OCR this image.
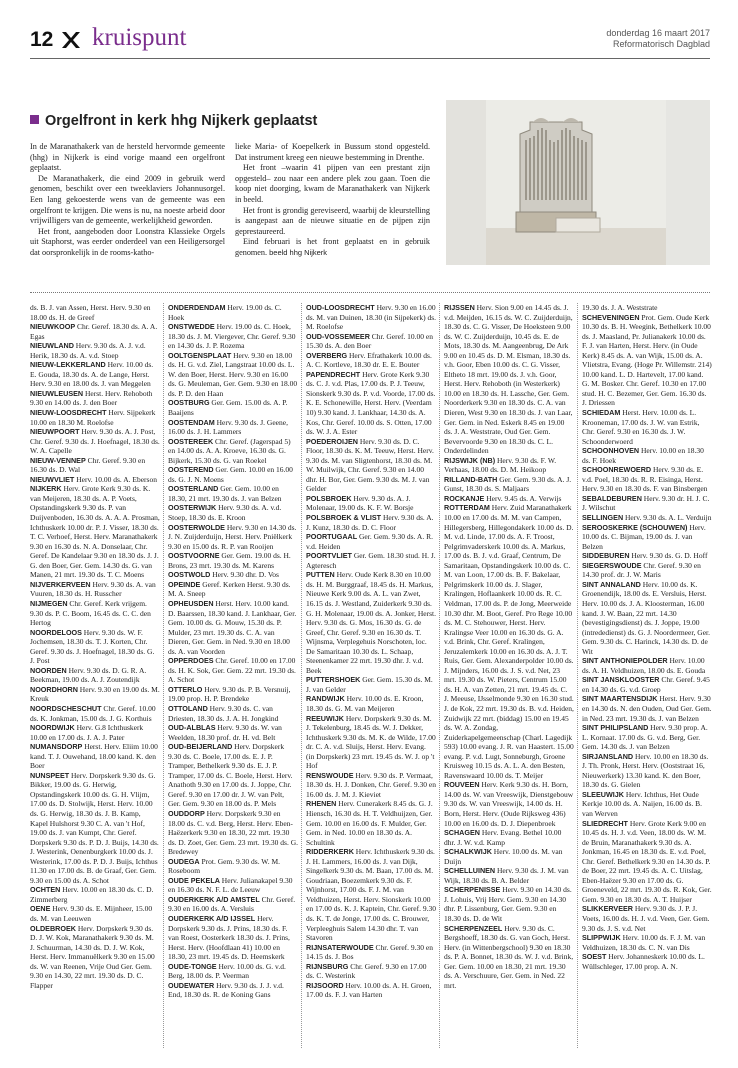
12 kruispunt	donderdag 16 maart 2017
Reformatorisch Dagblad
Orgelfront in kerk hhg Nijkerk geplaatst

In de Maranathakerk van de hersteld hervormde gemeente (hhg) in Nijkerk is eind vorige maand een orgelfront geplaatst.

De Maranathakerk, die eind 2009 in gebruik werd genomen, beschikt over een tweeklaviers Johannusorgel. Een lang gekoesterde wens van de gemeente was een orgelfront te krijgen. Die wens is nu, na noeste arbeid door vrijwilligers van de gemeente, werkelijkheid geworden.

Het front, aangeboden door Loonstra Klassieke Orgels uit Staphorst, was eerder onderdeel van een Heiligersorgel dat oorspronkelijk in de rooms-katho-

lieke Maria- of Koepelkerk in Bussum stond opgesteld. Dat instrument kreeg een nieuwe bestemming in Drenthe.

Het front –waarin 41 pijpen van een prestant zijn opgesteld– zou naar een andere plek zou gaan. Toen die koop niet doorging, kwam de Maranathakerk van Nijkerk in beeld.

Het front is grondig gereviseerd, waarbij de kleurstelling is aangepast aan de nieuwe situatie en de pijpen zijn geprestaureerd.

Eind februari is het front geplaatst en in gebruik genomen. beeld hhg Nijkerk

ds. B. J. van Assen, Herst. Herv. 9.30 en 18.00 ds. H. de Greef

NIEUWKOOP Chr. Geref. 18.30 ds. A. A. Egas

NIEUWLAND Herv. 9.30 ds. A. J. v.d. Herik, 18.30 ds. A. v.d. Stoep

NIEUW-LEKKERLAND Herv. 10.00 ds. E. Gouda, 18.30 ds. A. de Lange, Herst. Herv. 9.30 en 18.00 ds. J. van Meggelen

NIEUWLEUSEN Herst. Herv. Rehoboth 9.30 en 14.00 ds. J. den Boer

NIEUW-LOOSDRECHT Herv. Sijpekerk 10.00 en 18.30 M. Roelofse

NIEUWPOORT Herv. 9.30 ds. A. J. Post, Chr. Geref. 9.30 ds. J. Hoefnagel, 18.30 ds. W. A. Capelle

NIEUW-VENNEP Chr. Geref. 9.30 en 16.30 ds. D. Wal

NIEUWVLIET Herv. 10.00 ds. A. Eberson

NIJKERK Herv. Grote Kerk 9.30 ds. K. van Meijeren, 18.30 ds. A. P. Voets, Opstandingskerk 9.30 ds. P. van Duijvenboden, 16.30 ds. A. A. A. Prosman, Ichthuskerk 10.00 dr. P. J. Visser, 18.30 ds. T. C. Verhoef, Herst. Herv. Maranathakerk 9.30 en 16.30 ds. N. A. Donselaar, Chr. Geref. De Kandelaar 9.30 en 18.30 ds. J. J. G. den Boer, Ger. Gem. 14.30 ds. G. van Manen, 21 mrt. 19.30 ds. T. C. Moens

NIJVERKERVEEN Herv. 9.30 ds. A. van Vuuren, 18.30 ds. H. Russcher

NIJMEGEN Chr. Geref. Kerk vrijgem. 9.30 ds. P. C. Boom, 16.45 ds. C. C. den Hertog

NOORDELOOS Herv. 9.30 ds. W. F. Jochemsen, 18.30 ds. T. J. Korten, Chr. Geref. 9.30 ds. J. Hoefnagel, 18.30 ds. G. J. Post

NOORDEN Herv. 9.30 ds. D. G. R. A. Beekman, 19.00 ds. A. J. Zoutendijk

NOORDHORN Herv. 9.30 en 19.00 ds. M. Kreuk

NOORDSCHESCHUT Chr. Geref. 10.00 ds. K. Jonkman, 15.00 ds. J. G. Korthuis

NOORDWIJK Herv. G.8 Ichthuskerk 10.00 en 17.00 ds. J. A. J. Pater

NUMANSDORP Herst. Herv. Eliim 10.00 kand. T. J. Ouwehand, 18.00 kand. K. den Boer

NUNSPEET Herv. Dorpskerk 9.30 ds. G. Bikker, 19.00 ds. G. Herwig, Opstandingskerk 10.00 ds. G. H. Vlijm, 17.00 ds. D. Stolwijk, Herst. Herv. 10.00 ds. G. Herwig, 18.30 ds. J. B. Kamp, Kapel Hulshorst 9.30 C. A. van 't Hof, 19.00 ds. J. van Kumpt, Chr. Geref. Dorpskerk 9.30 ds. P. D. J. Buijs, 14.30 ds. J. Westerink, Oenenburgkerk 10.00 ds. J. Westerink, 17.00 ds. P. D. J. Buijs, Ichthus 11.30 en 17.00 ds. B. de Graaf, Ger. Gem. 9.30 en 15.00 ds. A. Schot

OCHTEN Herv. 10.00 en 18.30 ds. C. D. Zimmerberg

OENE Herv. 9.30 ds. E. Mijnheer, 15.00 ds. M. van Leeuwen

OLDEBROEK Herv. Dorpskerk 9.30 ds. D. J. W. Kok, Maranathakerk 9.30 ds. M. J. Schuurman, 14.30 ds. D. J. W. Kok, Herst. Herv. Immanuëlkerk 9.30 en 15.00 ds. W. van Reenen, Vrije Oud Ger. Gem. 9.30 en 14.30, 22 mrt. 19.30 ds. D. C. Flapper

ONDERDENDAM Herv. 19.00 ds. C. Hoek

ONSTWEDDE Herv. 19.00 ds. C. Hoek, 18.30 ds. J. M. Viergever, Chr. Geref. 9.30 en 14.30 ds. J. P. Rozema

OOLTGENSPLAAT Herv. 9.30 en 18.00 ds. H. G. v.d. Ziel, Langstraat 10.00 ds. L. W. den Boer, Herst. Herv. 9.30 en 16.00 ds. G. Meuleman, Ger. Gem. 9.30 en 18.00 ds. P. D. den Haan

OOSTBURG Ger. Gem. 15.00 ds. A. P. Baaijens

OOSTENDAM Herv. 9.30 ds. J. Geene, 16.00 ds. J. H. Lammers

OOSTEREEK Chr. Geref. (Jagerspad 5) en 14.00 ds. A. A. Kroeve, 16.30 ds. G. Bijkerk, 15.30 ds. G. van Roekel

OOSTEREND Ger. Gem. 10.00 en 16.00 ds. G. J. N. Moens

OOSTERLAND Ger. Gem. 10.00 en 18.30, 21 mrt. 19.30 ds. J. van Belzen

OOSTERWIJK Herv. 9.30 ds. A. v.d. Stoep, 18.30 ds. E. Kroon

OOSTERWOLDE Herv. 9.30 en 14.30 ds. J. N. Zuijderduijn, Herst. Herv. Pniëlkerk 9.30 en 15.00 ds. R. P. van Rooijen

OOSTVOORNE Ger. Gem. 19.00 ds. H. Brons, 23 mrt. 19.30 ds. M. Karens

OOSTWOLD Herv. 9.30 dhr. D. Vos

OPEINDE Geref. Kerken Herst. 9.30 ds. M. A. Sneep

OPHEUSDEN Herst. Herv. 10.00 kand. D. Baarssen, 18.30 kand. J. Lankhaar, Ger. Gem. 10.00 ds. G. Mouw, 15.30 ds. P. Mulder, 23 mrt. 19.30 ds. C. A. van Dieren, Ger. Gem. in Ned. 9.30 en 18.00 ds. A. van Voorden

OPPERDOES Chr. Geref. 10.00 en 17.00 ds. H. K. Sok, Ger. Gem. 22 mrt. 19.30 ds. A. Schot

OTTERLO Herv. 9.30 ds. P. B. Versnuij, 19.00 prop. H. P. Brendeke

OTTOLAND Herv. 9.30 ds. C. van Driesten, 18.30 ds. J. A. H. Jongkind

OUD-ALBLAS Herv. 9.30 ds. W. van Weelden, 18.30 prof. dr. H. vd. Belt

OUD-BEIJERLAND Herv. Dorpskerk 9.30 ds. C. Boele, 17.00 ds. E. J. P. Tramper, Bethelkerk 9.30 ds. E. J. P. Tramper, 17.00 ds. C. Boele, Herst. Herv. Anathoth 9.30 en 17.00 ds. J. Joppe, Chr. Geref. 9.30 en 17.00 dr. J. W. van Pelt, Ger. Gem. 9.30 en 18.00 ds. P. Mels

OUDDORP Herv. Dorpskerk 9.30 en 18.00 ds. C. v.d. Berg, Herst. Herv. Eben-Haëzerkerk 9.30 en 18.30, 22 mrt. 19.30 ds. D. Zoet, Ger. Gem. 23 mrt. 19.30 ds. G. Bredewey

OUDEGA Prot. Gem. 9.30 ds. W. M. Roseboom

OUDE PEKELA Herv. Julianakapel 9.30 en 16.30 ds. N. F. L. de Leeuw

OUDERKERK A/D AMSTEL Chr. Geref. 9.30 en 16.00 ds. A. Versluis

OUDERKERK A/D IJSSEL Herv. Dorpskerk 9.30 ds. J. Prins, 18.30 ds. F. van Roest, Oosterkerk 18.30 ds. J. Prins, Herst. Herv. (Hoofdlaan 41) 10.00 en 18.30, 23 mrt. 19.45 ds. D. Heemskerk

OUDE-TONGE Herv. 10.00 ds. G. v.d. Berg, 18.00 ds. P. Veerman

OUDEWATER Herv. 9.30 ds. J. J. v.d. End, 18.30 ds. R. de Koning Gans

OUD-LOOSDRECHT Herv. 9.30 en 16.00 ds. M. van Duinen, 18.30 (in Sijpekerk) ds. M. Roelofse

OUD-VOSSEMEER Chr. Geref. 10.00 en 15.30 ds. A. den Boer

OVERBERG Herv. Efrathakerk 10.00 ds. A. C. Kortleve, 18.30 dr. E. E. Bouter

PAPENDRECHT Herv. Grote Kerk 9.30 ds. C. J. v.d. Plas, 17.00 ds. P. J. Teeuw, Sionskerk 9.30 ds. P. v.d. Voorde, 17.00 ds. K. E. Schonewille, Herst. Herv. (Veerdam 10) 9.30 kand. J. Lankhaar, 14.30 ds. A. Kos, Chr. Geref. 10.00 ds. S. Otten, 17.00 ds. W. J. A. Ester

POEDEROIJEN Herv. 9.30 ds. D. C. Floor, 18.30 ds. K. M. Teeuw, Herst. Herv. 9.30 ds. M. van Sligtenhorst, 18.30 ds. M. W. Muilwijk, Chr. Geref. 9.30 en 14.00 dhr. H. Bor, Ger. Gem. 9.30 ds. M. J. van Gelder

POLSBROEK Herv. 9.30 ds. A. J. Molenaar, 19.00 ds. K. F. W. Borsje

POLSBROEK & VLIST Herv. 9.30 ds. A. J. Kunz, 18.30 ds. D. C. Floor

POORTUGAAL Ger. Gem. 9.30 ds. A. R. v.d. Heiden

POORTVLIET Ger. Gem. 18.30 stud. H. J. Agteresch

PUTTEN Herv. Oude Kerk 8.30 en 10.00 ds. H. M. Burggraaf, 18.45 ds. H. Markus, Nieuwe Kerk 9.00 ds. A. L. van Zwet, 16.15 ds. J. Westland, Zuiderkerk 9.30 ds. G. H. Molenaar, 19.00 ds. A. Jonker, Herst. Herv. 9.30 ds. G. Mos, 16.30 ds. G. de Greef, Chr. Geref. 9.30 en 16.30 ds. T. Wijnsma, Verplegehuis Norschoten, loc. De Samaritaan 10.30 ds. L. Schaap, Steenenkamer 22 mrt. 19.30 dhr. J. v.d. Beek

PUTTERSHOEK Ger. Gem. 15.30 ds. M. J. van Gelder

RANDWIJK Herv. 10.00 ds. E. Kroon, 18.30 ds. G. M. van Meijeren

REEUWIJK Herv. Dorpskerk 9.30 ds. M. J. Tekelenburg, 18.45 ds. W. J. Dekker, Ichthuskerk 9.30 ds. M. K. de Wilde, 17.00 dr. C. A. v.d. Sluijs, Herst. Herv. Evang. (in Dorpskerk) 23 mrt. 19.45 ds. W. J. op 't Hof

RENSWOUDE Herv. 9.30 ds. P. Vermaat, 18.30 ds. H. J. Donken, Chr. Geref. 9.30 en 16.00 ds. J. M. J. Kieviet

RHENEN Herv. Cunerakerk 8.45 ds. G. J. Hiensch, 16.30 ds. H. T. Veldhuijzen, Ger. Gem. 10.00 en 16.00 ds. F. Mulder, Ger. Gem. in Ned. 10.00 en 18.30 ds. A. Schultink

RIDDERKERK Herv. Ichthuskerk 9.30 ds. J. H. Lammers, 16.00 ds. J. van Dijk, Singelkerk 9.30 ds. M. Baan, 17.00 ds. M. Goudriaan, Boezemkerk 9.30 ds. F. Wijnhorst, 17.00 ds. F. J. M. van Veldhuizen, Herst. Herv. Sionskerk 10.00 en 17.00 ds. K. J. Kaptein, Chr. Geref. 9.30 ds. K. T. de Jonge, 17.00 ds. C. Brouwer, Verpleeghuis Salem 14.30 dhr. T. van Stavoren

RIJNSATERWOUDE Chr. Geref. 9.30 en 14.15 ds. J. Bos

RIJNSBURG Chr. Geref. 9.30 en 17.00 ds. C. Westerink

RIJSOORD Herv. 10.00 ds. A. H. Groen, 17.00 ds. F. J. van Harten

RIJSSEN Herv. Sion 9.00 en 14.45 ds. J. v.d. Meijden, 16.15 ds. W. C. Zuijderduijn, 18.30 ds. C. G. Visser, De Hoeksteen 9.00 ds. W. C. Zuijderduijn, 10.45 ds. E. de Mots, 18.30 ds. M. Aangeenbrug, De Ark 9.00 en 10.45 ds. D. M. Elsman, 18.30 ds. v.h. Goor, Eben 10.00 ds. C. G. Visser, Eltheto 18 mrt. 19.00 ds. J. v.h. Goor, Herst. Herv. Rehoboth (in Westerkerk) 10.00 en 18.30 ds. H. Lassche, Ger. Gem. Noorderkerk 9.30 en 18.30 ds. C. A. van Dieren, West 9.30 en 18.30 ds. J. van Laar, Ger. Gem. in Ned. Eskerk 8.45 en 19.00 ds. J. A. Weststrate, Oud Ger. Gem. Bevervoorde 9.30 en 18.30 ds. C. L. Onderdelinden

RIJSWIJK (NB) Herv. 9.30 ds. F. W. Verhaas, 18.00 ds. D. M. Heikoop

RILLAND-BATH Ger. Gem. 9.30 ds. A. J. Gunst, 18.30 ds. S. Maljaars

ROCKANJE Herv. 9.45 ds. A. Verwijs

ROTTERDAM Herv. Zuid Maranathakerk 10.00 en 17.00 ds. M. M. van Campen, Hillegersberg, Hillegondakerk 10.00 ds. D. M. v.d. Linde, 17.00 ds. A. F. Troost, Pelgrimvaderskerk 10.00 ds. A. Markus, 17.00 ds. B. J. v.d. Graaf, Centrum, De Samaritaan, Opstandingskerk 10.00 ds. C. M. van Loon, 17.00 ds. B. F. Bakelaar, Pelgrimskerk 10.00 ds. J. Slager, Kralingen, Hoflaankerk 10.00 ds. R. C. Veldman, 17.00 ds. P. de Jong, Meerweide 10.30 dhr. M. Boot, Geref. Pro Rege 10.00 ds. M. C. Stehouwer, Herst. Herv. Kralingse Veer 10.00 en 16.30 ds. G. A. v.d. Brink, Chr. Geref. Kralingen, Jeruzalemkerk 10.00 en 16.30 ds. A. J. T. Ruis, Ger. Gem. Alexanderpolder 10.00 ds. J. Mijnders, 16.00 ds. J. S. v.d. Net, 23 mrt. 19.30 ds. W. Pieters, Centrum 15.00 ds. H. A. van Zetten, 21 mrt. 19.45 ds. C. J. Meeuse, IJsselmonde 9.30 en 16.30 stud. J. de Kok, 22 mrt. 19.30 ds. B. v.d. Heiden, Zuidwijk 22 mrt. (biddag) 15.00 en 19.45 ds. W. A. Zondag, Zuiderkapelgemeenschap (Charl. Lagedijk 593) 10.00 evang. J. R. van Haastert. 15.00 evang. P. v.d. Lugt, Sonneburgh, Groene Kruisweg 10.15 ds. A. L. A. den Besten, Ravenswaard 10.00 ds. T. Meijer

ROUVEEN Herv. Kerk 9.30 ds. H. Born, 14.00 ds. W. van Vreeswijk, Dienstgebouw 9.30 ds. W. van Vreeswijk, 14.00 ds. H. Born, Herst. Herv. (Oude Rijksweg 436) 10.00 en 16.00 ds. D. J. Diepenbroek

SCHAGEN Herv. Evang. Bethel 10.00 dhr. J. W. v.d. Kamp

SCHALKWIJK Herv. 10.00 ds. M. van Duijn

SCHELLUINEN Herv. 9.30 ds. J. M. van Wijk, 18.30 ds. B. A. Belder

SCHERPENISSE Herv. 9.30 en 14.30 ds. J. Lohuis, Vrij Herv. Gem. 9.30 en 14.30 dhr. P. Lissenburg, Ger. Gem. 9.30 en 18.30 ds. D. de Wit

SCHERPENZEEL Herv. 9.30 ds. C. Bergshoeff, 18.30 ds. G. van Goch, Herst. Herv. (in Wittenbergschool) 9.30 en 18.30 ds. P. A. Bonnet, 18.30 ds. W. J. v.d. Brink, Ger. Gem. 10.00 en 18.30, 21 mrt. 19.30 ds. A. Verschuure, Ger. Gem. in Ned. 22 mrt.

19.30 ds. J. A. Weststrate

SCHEVENINGEN Prot. Gem. Oude Kerk 10.30 ds. B. H. Weegink, Bethelkerk 10.00 ds. J. Maasland, Pr. Julianakerk 10.00 ds. F. J. van Harten, Herst. Herv. (in Oude Kerk) 8.45 ds. A. van Wijk, 15.00 ds. A. Vlietstra, Evang. (Hoge Pr. Willemstr. 214) 10.00 kand. L. D. Hartevelt, 17.00 kand. G. M. Bosker. Chr. Geref. 10.30 en 17.00 stud. H. C. Bezemer, Ger. Gem. 16.30 ds. J. Driessen

SCHIEDAM Herst. Herv. 10.00 ds. L. Krooneman, 17.00 ds. J. W. van Estrik, Chr. Geref. 9.30 en 16.30 ds. J. W. Schoonderwoerd

SCHOONHOVEN Herv. 10.00 en 18.30 ds. F. Hoek

SCHOONREWOERD Herv. 9.30 ds. E. v.d. Poel, 18.30 ds. R. R. Eisinga, Herst. Herv. 9.30 en 18.30 ds. F. van Binsbergen

SEBALDEBUREN Herv. 9.30 dr. H. J. C. J. Wilschut

SELLINGEN Herv. 9.30 ds. A. L. Verduijn

SEROOSKERKE (SCHOUWEN) Herv. 10.00 ds. C. Bijman, 19.00 ds. J. van Belzen

SIDDEBUREN Herv. 9.30 ds. G. D. Hoff

SIEGERSWOUDE Chr. Geref. 9.30 en 14.30 prof. dr. J. W. Maris

SINT ANNALAND Herv. 10.00 ds. K. Groenendijk, 18.00 ds. E. Versluis, Herst. Herv. 10.00 ds. J. A. Kloosterman, 16.00 kand. J. W. Baan, 22 mrt. 14.30 (bevestigingsdienst) ds. J. Joppe, 19.00 (intrededienst) ds. G. J. Noordermeer, Ger. Gem. 9.30 ds. C. Harinck, 14.30 ds. D. de Wit

SINT ANTHONIEPOLDER Herv. 10.00 ds. A. H. Veldhuizen, 18.00 ds. E. Gouda

SINT JANSKLOOSTER Chr. Geref. 9.45 en 14.30 ds. G. v.d. Groep

SINT MAARTENSDIJK Herst. Herv. 9.30 en 14.30 ds. N. den Ouden, Oud Ger. Gem. in Ned. 23 mrt. 19.30 ds. J. van Belzen

SINT PHILIPSLAND Herv. 9.30 prop. A. L. Kornaat. 17.00 ds. G. v.d. Berg, Ger. Gem. 14.30 ds. J. van Belzen

SIRJANSLAND Herv. 10.00 en 18.30 ds. J. Th. Pronk, Herst. Herv. (Ooststraat 16, Nieuwerkerk) 13.30 kand. K. den Boer, 18.30 ds. G. Gielen

SLEEUWIJK Herv. Ichthus, Het Oude Kerkje 10.00 ds. A. Naijen, 16.00 ds. B. van Werven

SLIEDRECHT Herv. Grote Kerk 9.00 en 10.45 ds. H. J. v.d. Veen, 18.00 ds. W. M. de Bruin, Maranathakerk 9.30 ds. A. Jonkman, 16.45 en 18.30 ds. E. v.d. Poel, Chr. Geref. Bethelkerk 9.30 en 14.30 ds. P. de Boer, 22 mrt. 19.45 ds. A. C. Uitslag, Eben-Haëzer 9.30 en 17.00 ds. G. Groeneveld, 22 mrt. 19.30 ds. R. Kok, Ger. Gem. 9.30 en 18.30 ds. A. T. Huijser

SLIKKERVEER Herv. 9.30 ds. J. P. J. Voets, 16.00 ds. H. J. v.d. Veen, Ger. Gem. 9.30 ds. J. S. v.d. Net

SLIPPWIJK Herv. 10.00 ds. F. J. M. van Veldhuizen, 18.30 ds. C. N. van Dis

SOEST Herv. Johanneskerk 10.00 ds. L. Wüllschleger, 17.00 prop. A. N.
